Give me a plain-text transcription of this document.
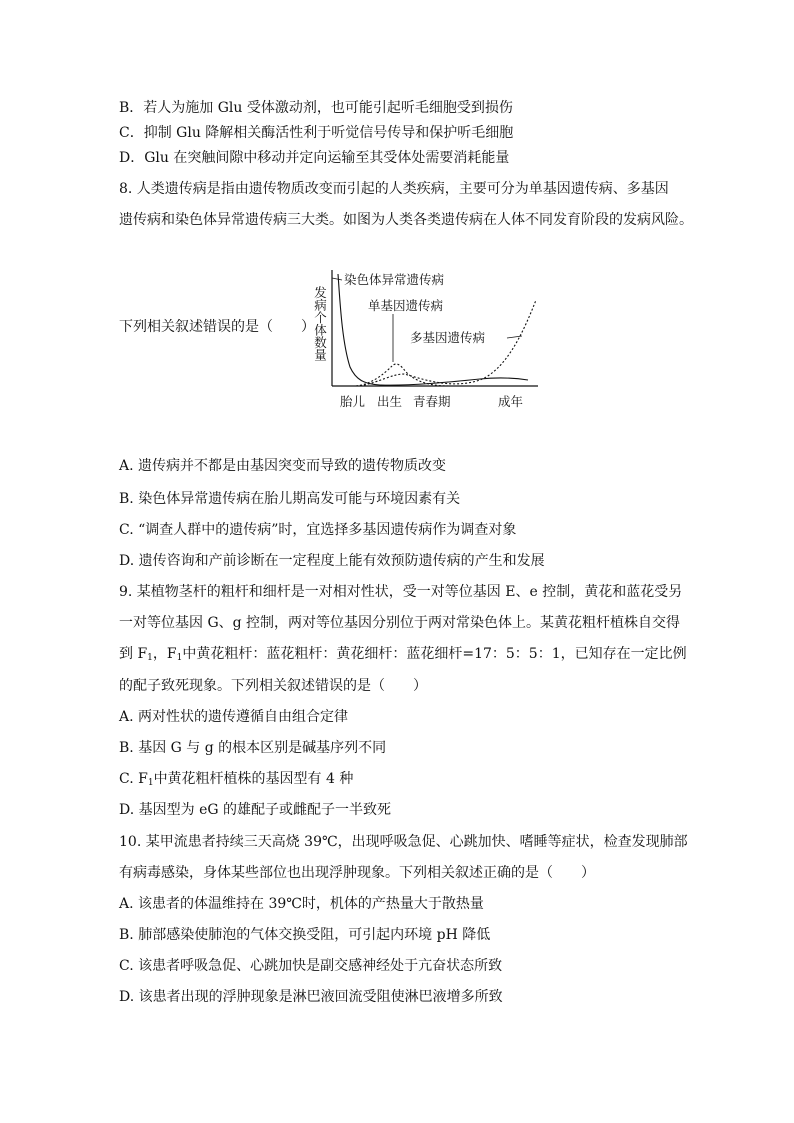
B．若人为施加 Glu 受体激动剂，也可能引起听毛细胞受到损伤
C．抑制 Glu 降解相关酶活性利于听觉信号传导和保护听毛细胞
D．Glu 在突触间隙中移动并定向运输至其受体处需要消耗能量
8. 人类遗传病是指由遗传物质改变而引起的人类疾病，主要可分为单基因遗传病、多基因
遗传病和染色体异常遗传病三大类。如图为人类各类遗传病在人体不同发育阶段的发病风险。
下列相关叙述错误的是（　　）
发病个体数量
染色体异常遗传病
单基因遗传病
多基因遗传病
胎儿 出生 青春期	成年
A. 遗传病并不都是由基因突变而导致的遗传物质改变
B. 染色体异常遗传病在胎儿期高发可能与环境因素有关
C. “调查人群中的遗传病”时，宜选择多基因遗传病作为调查对象
D. 遗传咨询和产前诊断在一定程度上能有效预防遗传病的产生和发展
9. 某植物茎杆的粗杆和细杆是一对相对性状，受一对等位基因 E、e 控制，黄花和蓝花受另
一对等位基因 G、g 控制，两对等位基因分别位于两对常染色体上。某黄花粗杆植株自交得
到 $F_1$，$F_1$中黄花粗杆：蓝花粗杆：黄花细杆：蓝花细杆=17：5：5：1，已知存在一定比例
的配子致死现象。下列相关叙述错误的是（　　）
A. 两对性状的遗传遵循自由组合定律
B. 基因 G 与 g 的根本区别是碱基序列不同
C. $F_1$中黄花粗杆植株的基因型有 4 种
D. 基因型为 eG 的雄配子或雌配子一半致死
10. 某甲流患者持续三天高烧 39℃，出现呼吸急促、心跳加快、嗜睡等症状，检查发现肺部
有病毒感染，身体某些部位也出现浮肿现象。下列相关叙述正确的是（　　）
A. 该患者的体温维持在 39℃时，机体的产热量大于散热量
B. 肺部感染使肺泡的气体交换受阻，可引起内环境 pH 降低
C. 该患者呼吸急促、心跳加快是副交感神经处于亢奋状态所致
D. 该患者出现的浮肿现象是淋巴液回流受阻使淋巴液增多所致
